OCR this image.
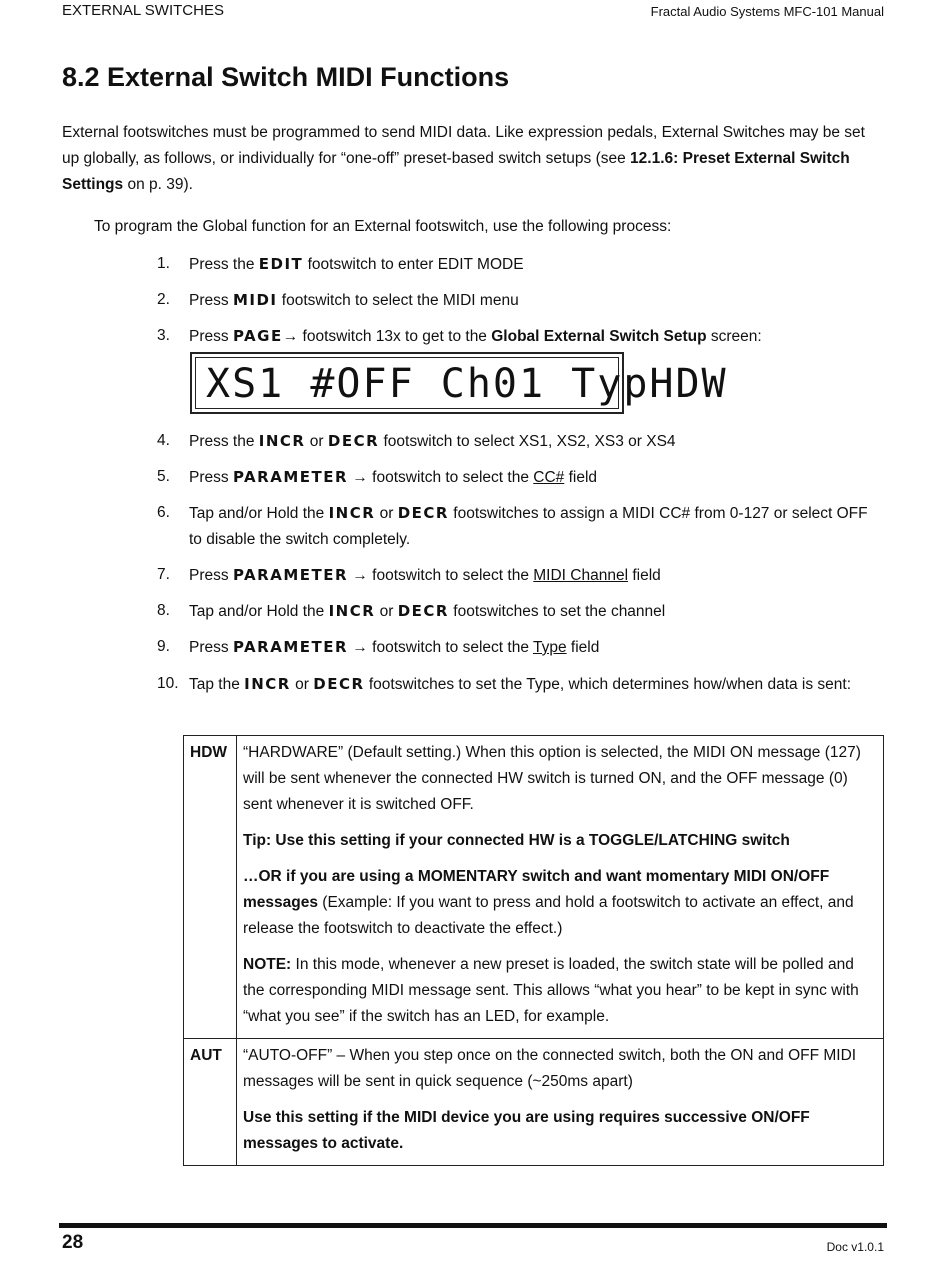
EXTERNAL SWITCHES	Fractal Audio Systems MFC-101 Manual
8.2 External Switch MIDI Functions

External footswitches must be programmed to send MIDI data. Like expression pedals, External Switches may be set up globally, as follows, or individually for “one-off” preset-based switch setups (see 12.1.6: Preset External Switch Settings on p. 39).

To program the Global function for an External footswitch, use the following process:

1.	Press the EDIT footswitch to enter EDIT MODE
2.	Press MIDI footswitch to select the MIDI menu
3.	Press PAGE→ footswitch 13x to get to the Global External Switch Setup screen:
XS1 #OFF Ch01 TypHDW
4.	Press the INCR or DECR footswitch to select XS1, XS2, XS3 or XS4
5.	Press PARAMETER → footswitch to select the CC# field
6.	Tap and/or Hold the INCR or DECR footswitches to assign a MIDI CC# from 0-127 or select OFF to disable the switch completely.
7.	Press PARAMETER → footswitch to select the MIDI Channel field
8.	Tap and/or Hold the INCR or DECR footswitches to set the channel
9.	Press PARAMETER → footswitch to select the Type field
10. Tap the INCR or DECR footswitches to set the Type, which determines how/when data is sent:
HDW	“HARDWARE” (Default setting.) When this option is selected, the MIDI ON message (127) will be sent whenever the connected HW switch is turned ON, and the OFF message (0) sent whenever it is switched OFF.

Tip: Use this setting if your connected HW is a TOGGLE/LATCHING switch

…OR if you are using a MOMENTARY switch and want momentary MIDI ON/OFF messages (Example: If you want to press and hold a footswitch to activate an effect, and release the footswitch to deactivate the effect.)

NOTE: In this mode, whenever a new preset is loaded, the switch state will be polled and the corresponding MIDI message sent. This allows “what you hear” to be kept in sync with “what you see” if the switch has an LED, for example.

AUT	“AUTO-OFF” – When you step once on the connected switch, both the ON and OFF MIDI messages will be sent in quick sequence (~250ms apart)

Use this setting if the MIDI device you are using requires successive ON/OFF messages to activate.

28	Doc v1.0.1
